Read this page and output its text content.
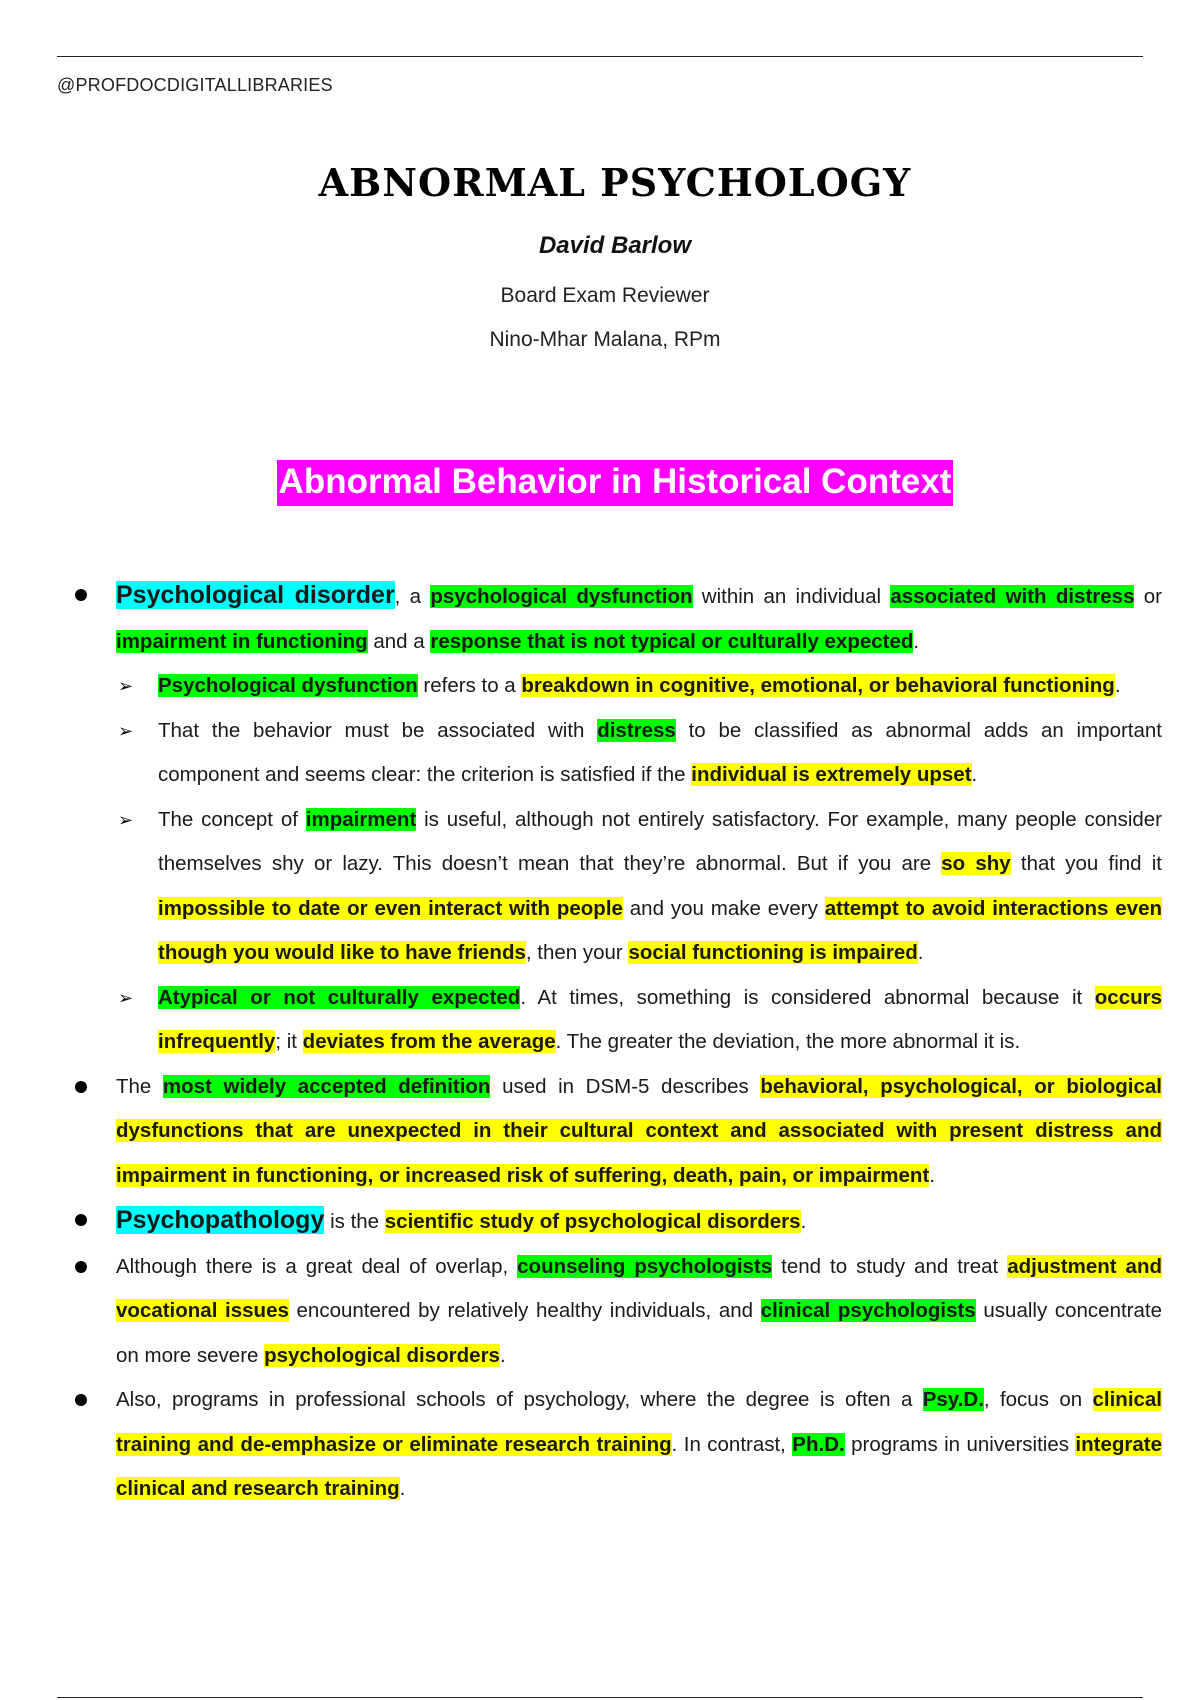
@PROFDOCDIGITALLIBRARIES
ABNORMAL PSYCHOLOGY
David Barlow
Board Exam Reviewer
Nino-Mhar Malana, RPm
Abnormal Behavior in Historical Context

Psychological disorder, a psychological dysfunction within an individual associated with distress or impairment in functioning and a response that is not typical or culturally expected.

➢ Psychological dysfunction refers to a breakdown in cognitive, emotional, or behavioral functioning.

➢ That the behavior must be associated with distress to be classified as abnormal adds an important component and seems clear: the criterion is satisfied if the individual is extremely upset.

➢ The concept of impairment is useful, although not entirely satisfactory. For example, many people consider themselves shy or lazy. This doesn’t mean that they’re abnormal. But if you are so shy that you find it impossible to date or even interact with people and you make every attempt to avoid interactions even though you would like to have friends, then your social functioning is impaired.

➢ Atypical or not culturally expected. At times, something is considered abnormal because it occurs infrequently; it deviates from the average. The greater the deviation, the more abnormal it is.

The most widely accepted definition used in DSM-5 describes behavioral, psychological, or biological dysfunctions that are unexpected in their cultural context and associated with present distress and impairment in functioning, or increased risk of suffering, death, pain, or impairment.

Psychopathology is the scientific study of psychological disorders.

Although there is a great deal of overlap, counseling psychologists tend to study and treat adjustment and vocational issues encountered by relatively healthy individuals, and clinical psychologists usually concentrate on more severe psychological disorders.

Also, programs in professional schools of psychology, where the degree is often a Psy.D., focus on clinical training and de-emphasize or eliminate research training. In contrast, Ph.D. programs in universities integrate clinical and research training.
